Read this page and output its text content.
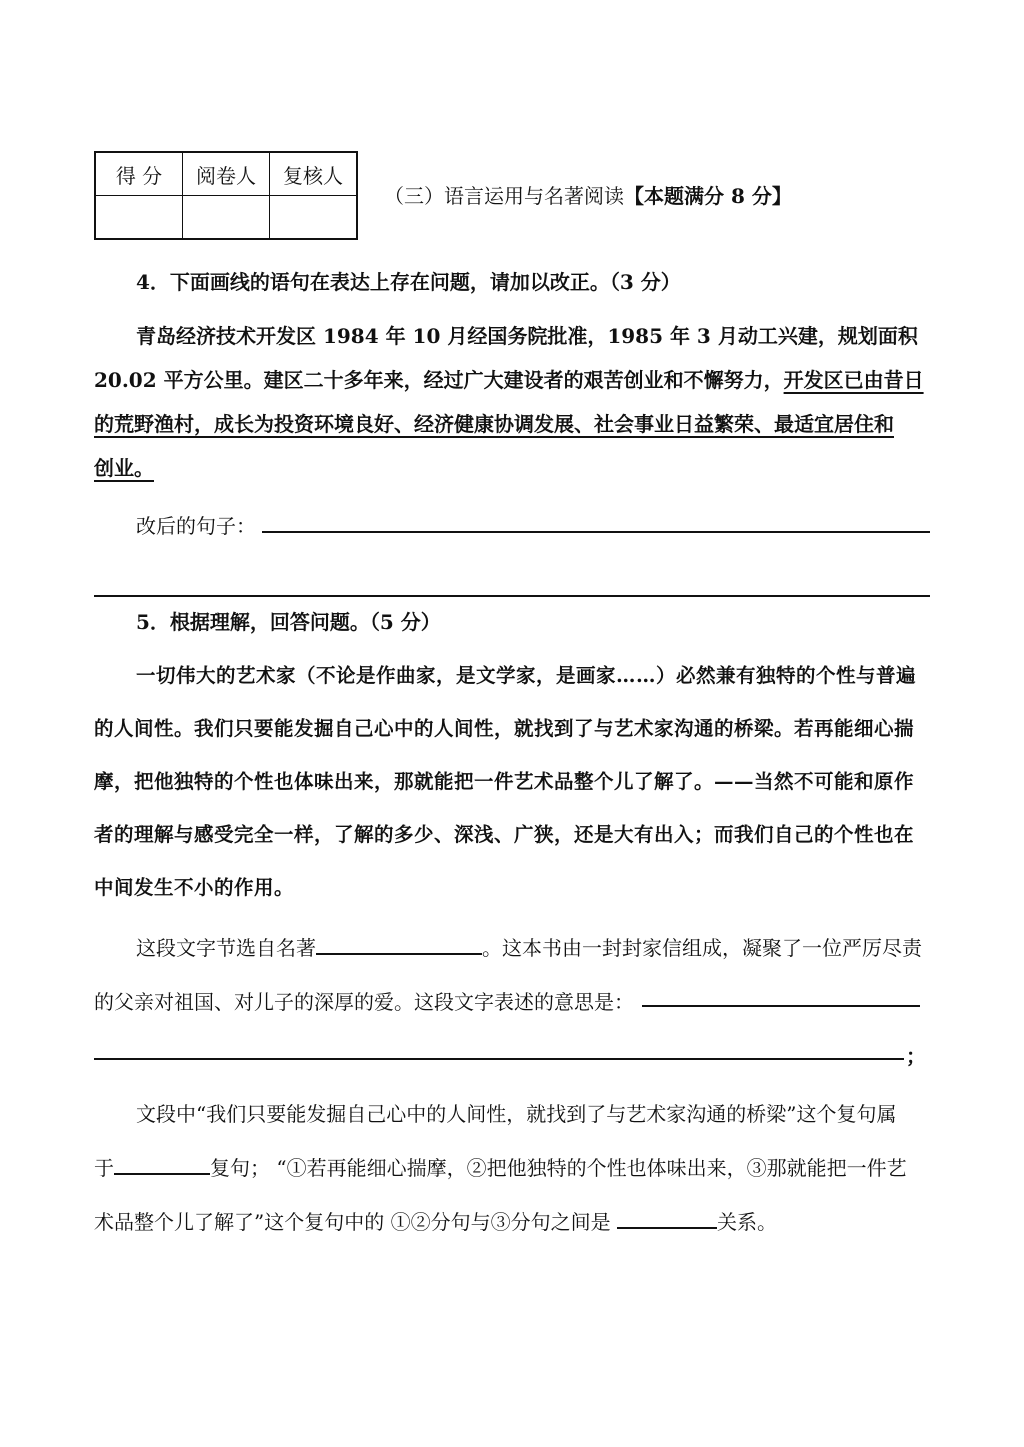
得 分	阅卷人	复核人

（三）语言运用与名著阅读【本题满分 8 分】
4．下面画线的语句在表达上存在问题，请加以改正。（3 分）
青岛经济技术开发区 1984 年 10 月经国务院批准，1985 年 3 月动工兴建，规划面积
20.02 平方公里。建区二十多年来，经过广大建设者的艰苦创业和不懈努力，开发区已由昔日
的荒野渔村，成长为投资环境良好、经济健康协调发展、社会事业日益繁荣、最适宜居住和
创业。
改后的句子：
5．根据理解，回答问题。（5 分）
一切伟大的艺术家（不论是作曲家，是文学家，是画家……）必然兼有独特的个性与普遍
的人间性。我们只要能发掘自己心中的人间性，就找到了与艺术家沟通的桥梁。若再能细心揣
摩，把他独特的个性也体味出来，那就能把一件艺术品整个儿了解了。——当然不可能和原作
者的理解与感受完全一样，了解的多少、深浅、广狭，还是大有出入；而我们自己的个性也在
中间发生不小的作用。
这段文字节选自名著	。这本书由一封封家信组成，凝聚了一位严厉尽责
的父亲对祖国、对儿子的深厚的爱。这段文字表述的意思是：
；
文段中“我们只要能发掘自己心中的人间性，就找到了与艺术家沟通的桥梁”这个复句属
于	复句； “①若再能细心揣摩，②把他独特的个性也体味出来，③那就能把一件艺
术品整个儿了解了”这个复句中的 ①②分句与③分句之间是	关系。
